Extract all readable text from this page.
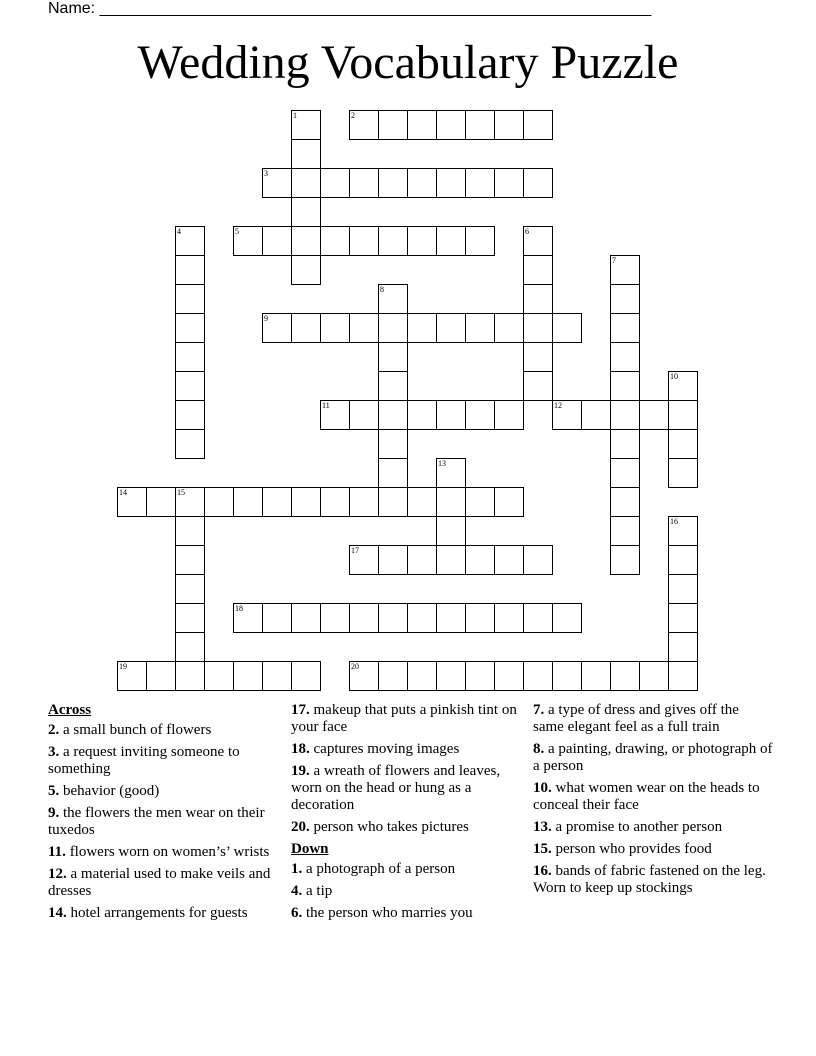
Name: ______________________________________________________________
Wedding Vocabulary Puzzle
1	2
3
4	5	6
7
8
9
10
11	12
13
14	15
16
17
18
19	20
Across
2. a small bunch of flowers
3. a request inviting someone to something
5. behavior (good)
9. the flowers the men wear on their tuxedos
11. flowers worn on women’s’ wrists
12. a material used to make veils and dresses
14. hotel arrangements for guests
17. makeup that puts a pinkish tint on your face
18. captures moving images
19. a wreath of flowers and leaves, worn on the head or hung as a decoration
20. person who takes pictures
Down
1. a photograph of a person
4. a tip
6. the person who marries you
7. a type of dress and gives off the same elegant feel as a full train
8. a painting, drawing, or photograph of a person
10. what women wear on the heads to conceal their face
13. a promise to another person
15. person who provides food
16. bands of fabric fastened on the leg. Worn to keep up stockings
